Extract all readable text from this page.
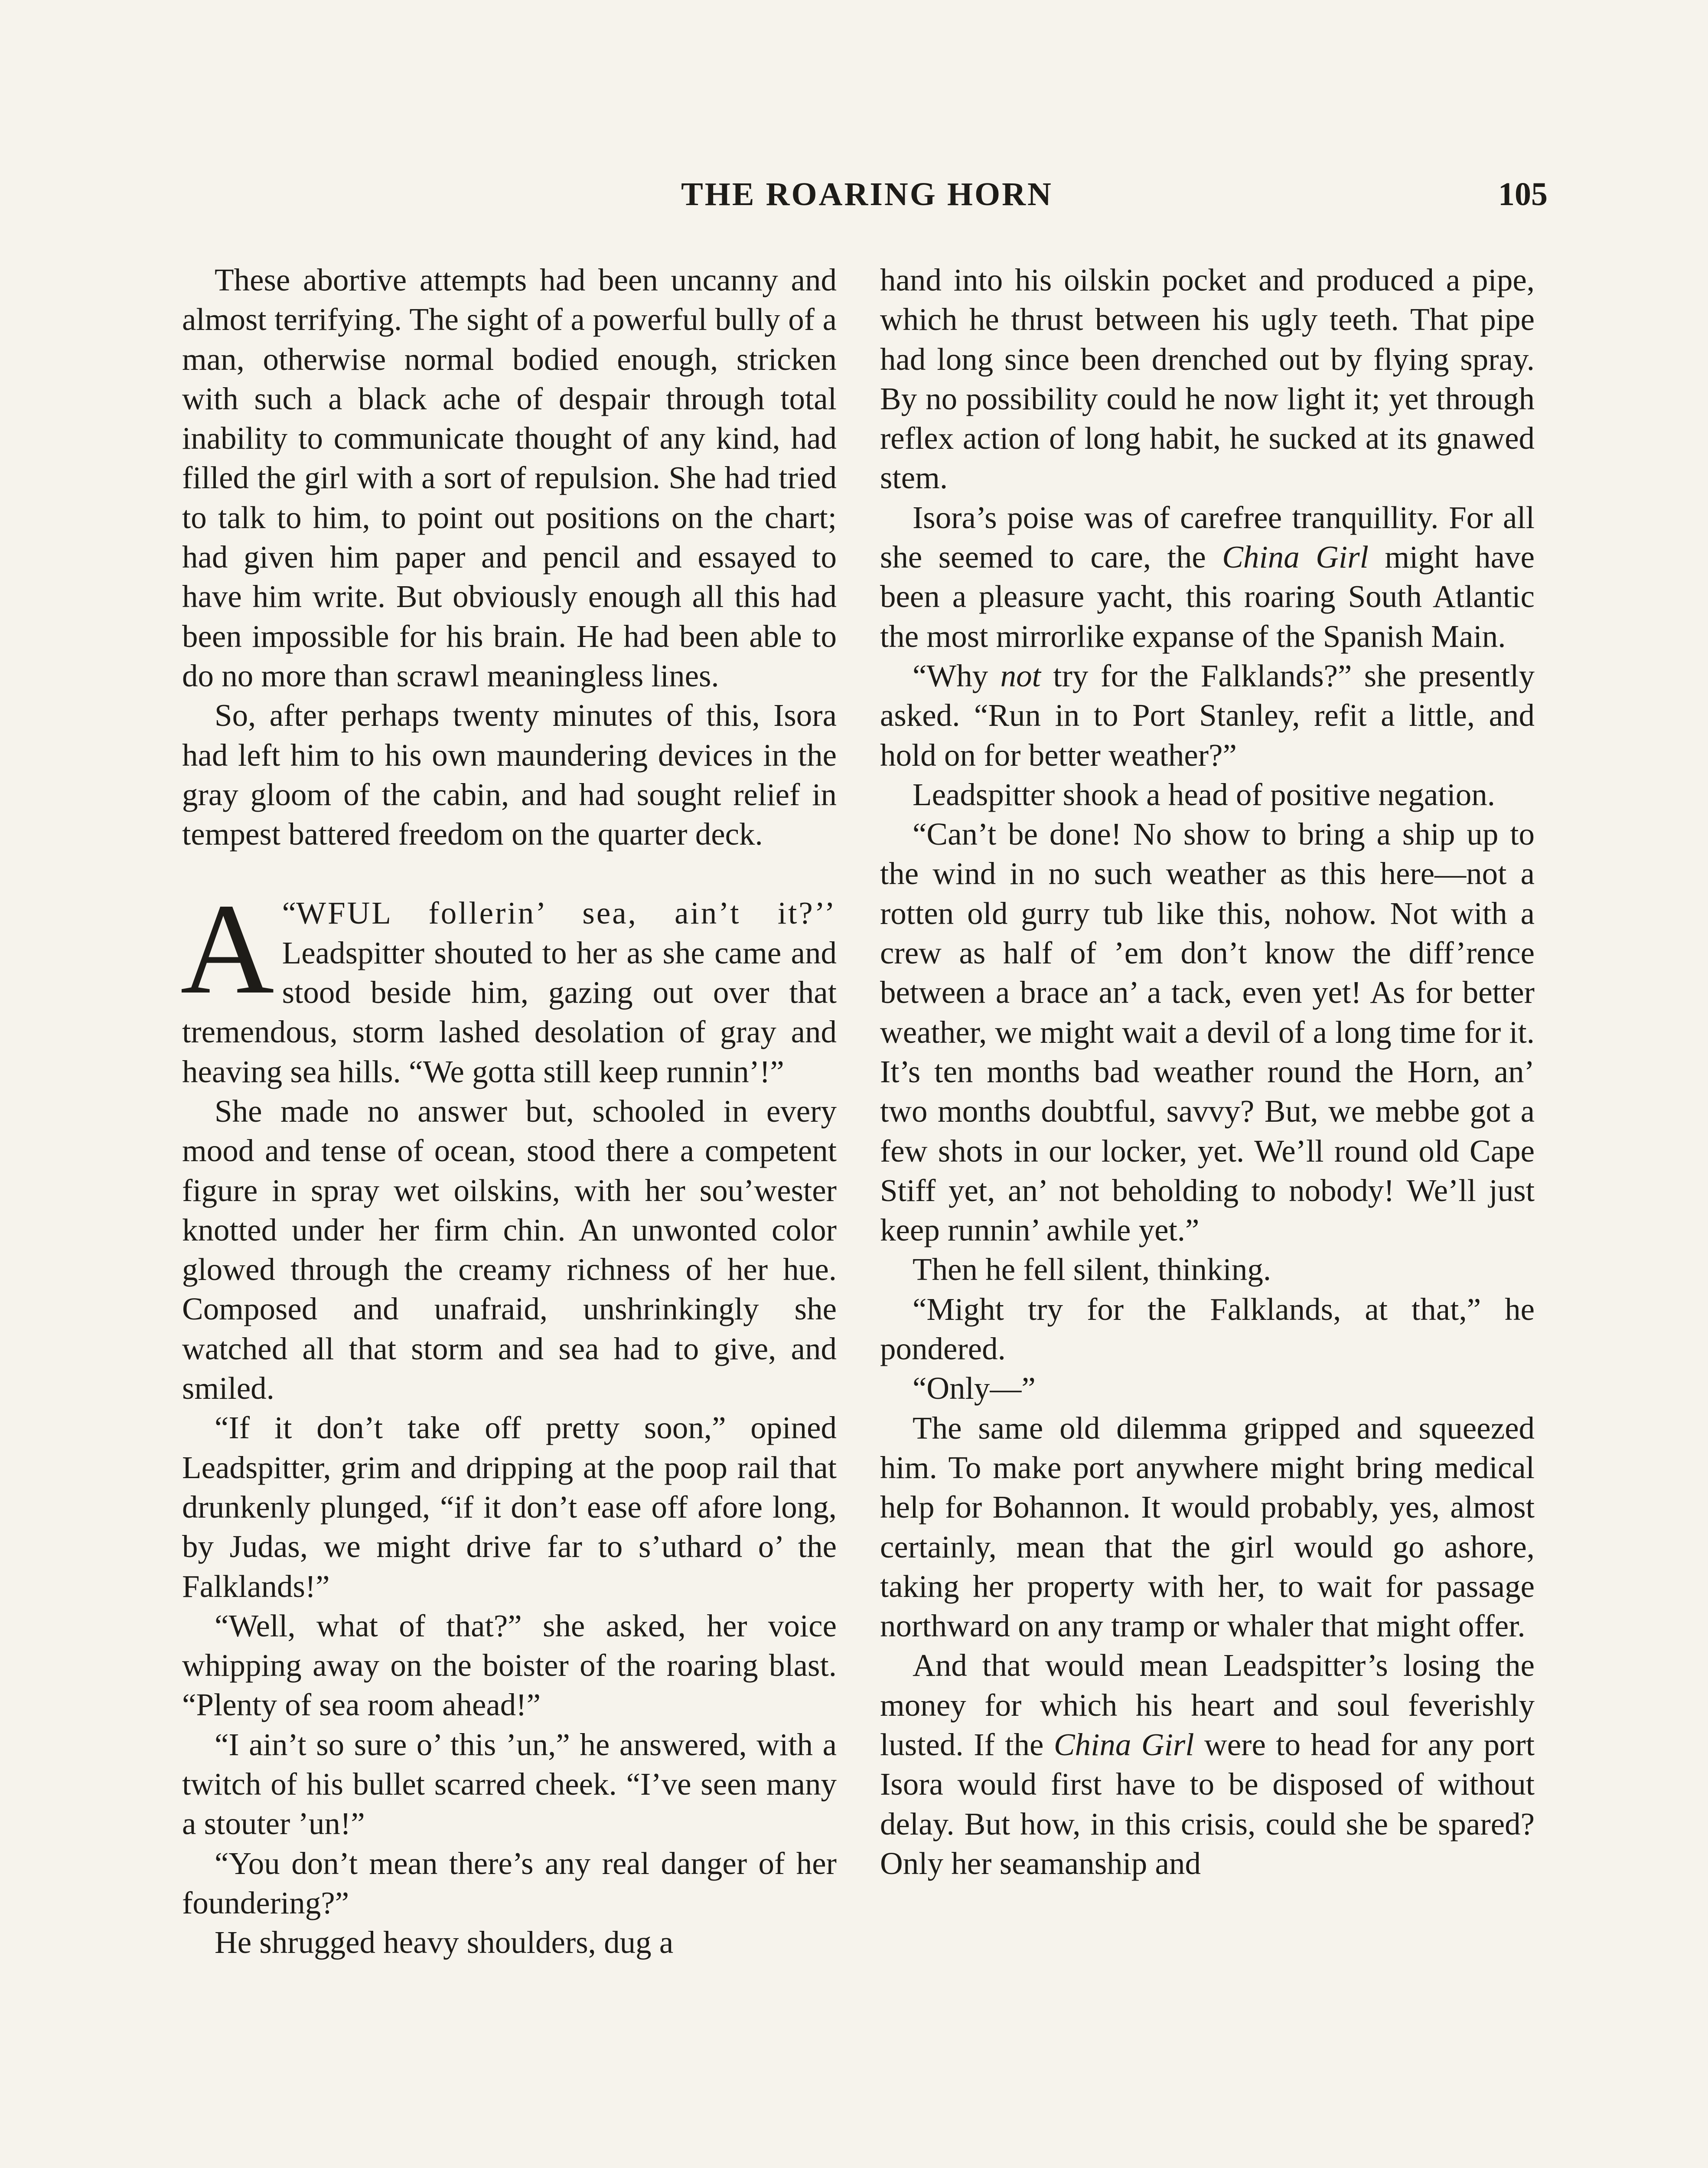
THE ROARING HORN	105

These abortive attempts had been uncanny and almost terrifying. The sight of a powerful bully of a man, otherwise normal bodied enough, stricken with such a black ache of despair through total inability to communicate thought of any kind, had filled the girl with a sort of repulsion. She had tried to talk to him, to point out positions on the chart; had given him paper and pencil and essayed to have him write. But obviously enough all this had been impossible for his brain. He had been able to do no more than scrawl meaningless lines.

So, after perhaps twenty minutes of this, Isora had left him to his own maundering devices in the gray gloom of the cabin, and had sought relief in tempest battered freedom on the quarter deck.

“
A WFUL follerin’ sea, ain’t it?’’ Leadspitter shouted to her as she came and stood beside him, gazing out over that tremendous, storm lashed desolation of gray and heaving sea hills. “We gotta still keep runnin’!”

She made no answer but, schooled in every mood and tense of ocean, stood there a competent figure in spray wet oilskins, with her sou’wester knotted under her firm chin. An unwonted color glowed through the creamy richness of her hue. Composed and unafraid, unshrinkingly she watched all that storm and sea had to give, and smiled.

“If it don’t take off pretty soon,” opined Leadspitter, grim and dripping at the poop rail that drunkenly plunged, “if it don’t ease off afore long, by Judas, we might drive far to s’uthard o’ the Falklands!”

“Well, what of that?” she asked, her voice whipping away on the boister of the roaring blast. “Plenty of sea room ahead!”

“I ain’t so sure o’ this ’un,” he answered, with a twitch of his bullet scarred cheek. “I’ve seen many a stouter ’un!”

“You don’t mean there’s any real danger of her foundering?”

He shrugged heavy shoulders, dug a

hand into his oilskin pocket and produced a pipe, which he thrust between his ugly teeth. That pipe had long since been drenched out by flying spray. By no possibility could he now light it; yet through reflex action of long habit, he sucked at its gnawed stem.

Isora’s poise was of carefree tranquillity. For all she seemed to care, the China Girl might have been a pleasure yacht, this roaring South Atlantic the most mirrorlike expanse of the Spanish Main.

“Why not try for the Falklands?” she presently asked. “Run in to Port Stanley, refit a little, and hold on for better weather?”

Leadspitter shook a head of positive negation.

“Can’t be done! No show to bring a ship up to the wind in no such weather as this here—not a rotten old gurry tub like this, nohow. Not with a crew as half of ’em don’t know the diff’rence between a brace an’ a tack, even yet! As for better weather, we might wait a devil of a long time for it. It’s ten months bad weather round the Horn, an’ two months doubtful, savvy? But, we mebbe got a few shots in our locker, yet. We’ll round old Cape Stiff yet, an’ not beholding to nobody! We’ll just keep runnin’ awhile yet.”

Then he fell silent, thinking.

“Might try for the Falklands, at that,” he pondered.

“Only—”

The same old dilemma gripped and squeezed him. To make port anywhere might bring medical help for Bohannon. It would probably, yes, almost certainly, mean that the girl would go ashore, taking her property with her, to wait for passage northward on any tramp or whaler that might offer.

And that would mean Leadspitter’s losing the money for which his heart and soul feverishly lusted. If the China Girl were to head for any port Isora would first have to be disposed of without delay. But how, in this crisis, could she be spared? Only her seamanship and
